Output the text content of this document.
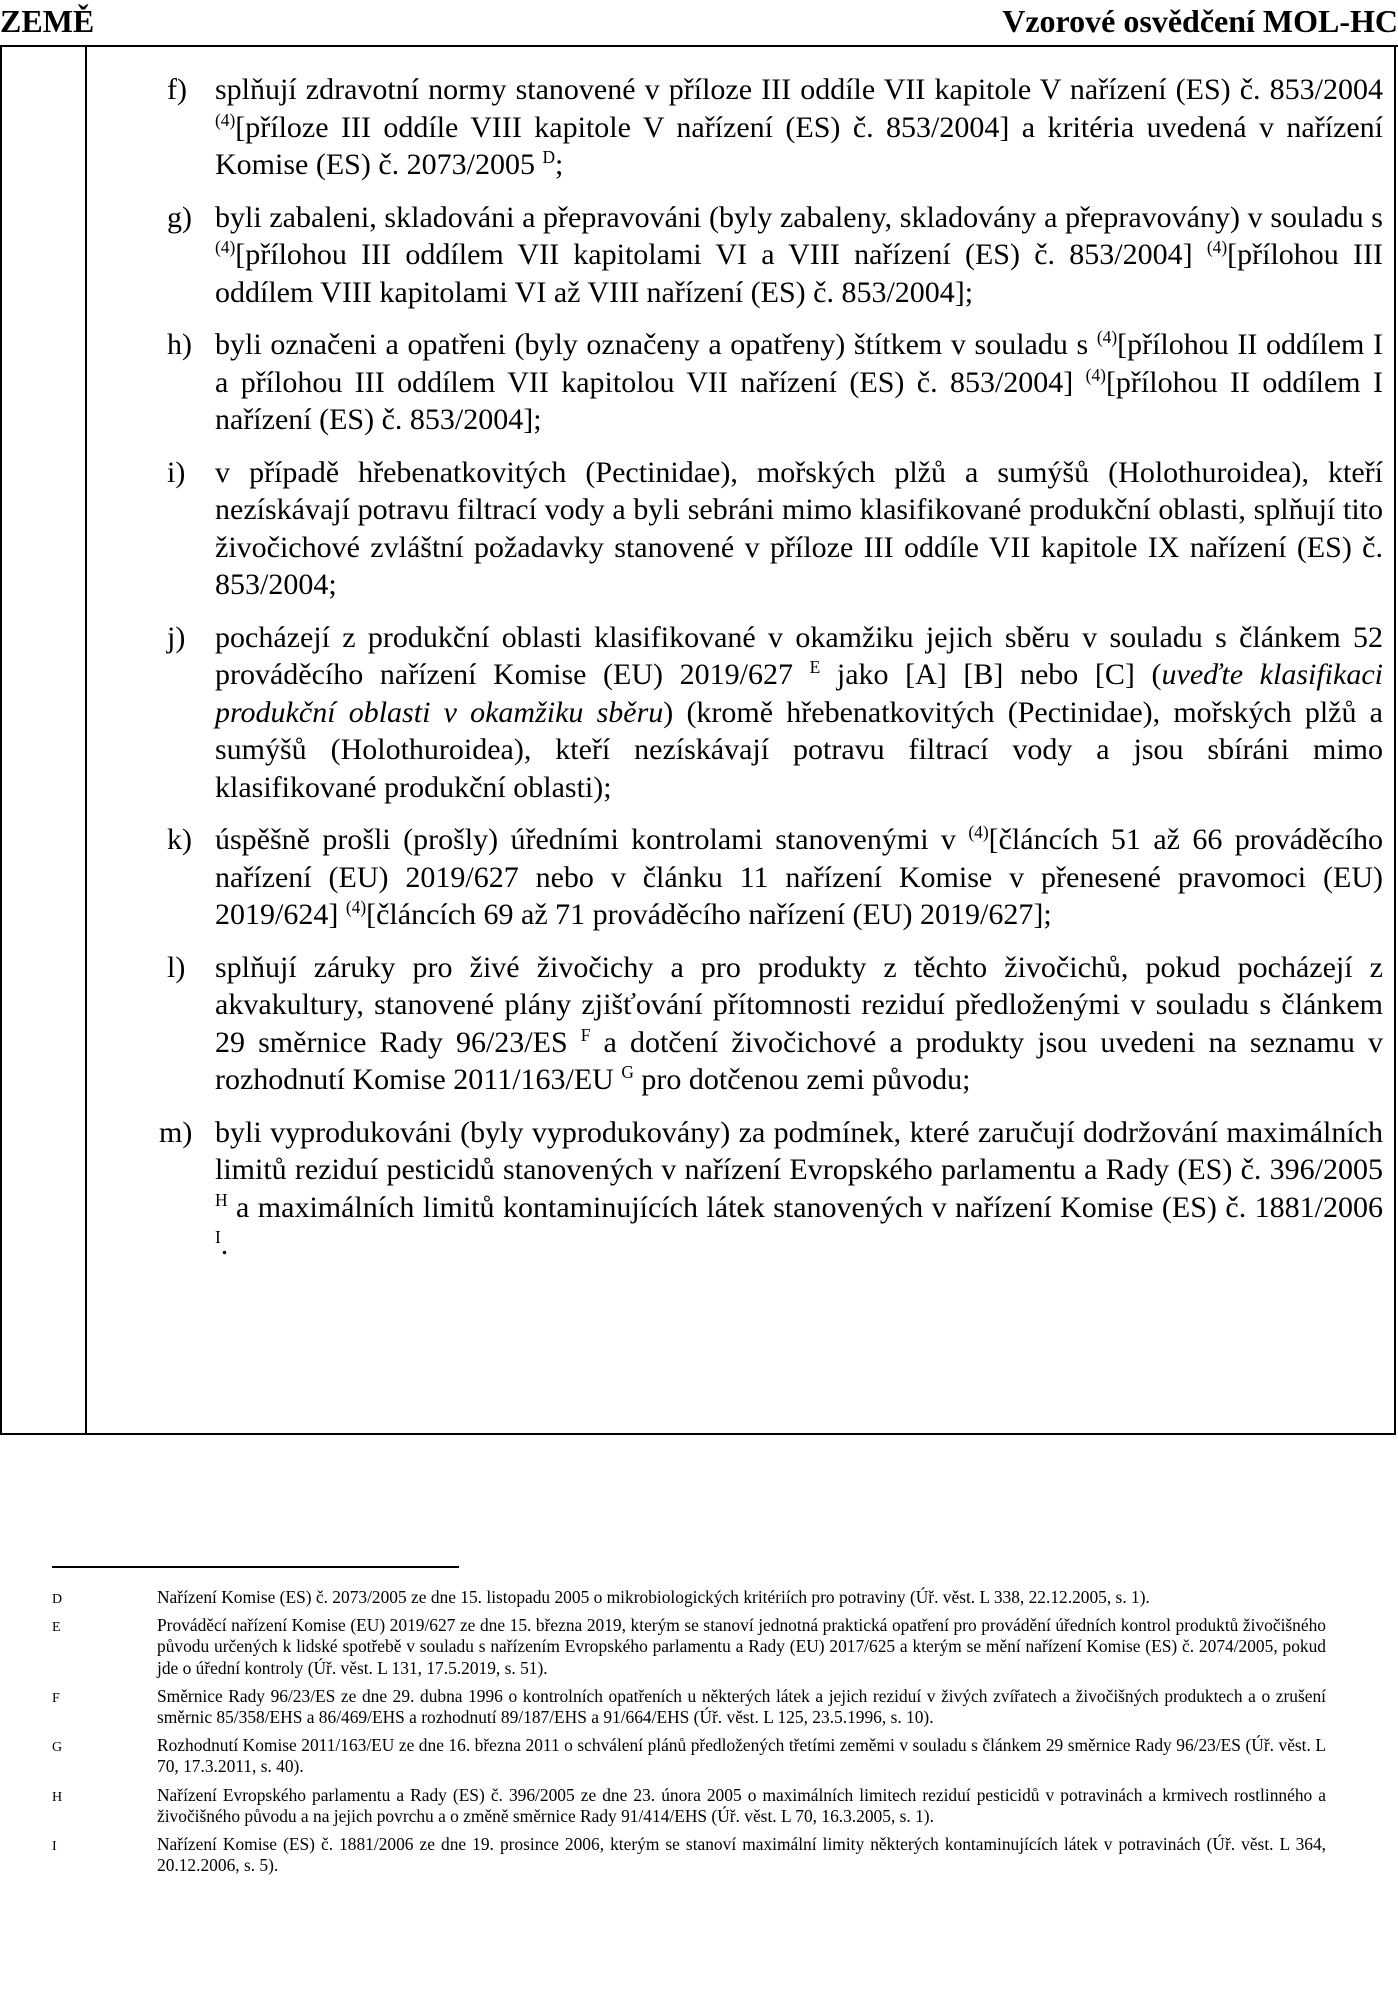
ZEMĚ	Vzorové osvědčení MOL-HC
f) splňují zdravotní normy stanovené v příloze III oddíle VII kapitole V nařízení (ES) č. 853/2004 $^{(4)}$[příloze III oddíle VIII kapitole V nařízení (ES) č. 853/2004] a kritéria uvedená v nařízení Komise (ES) č. 2073/2005 $^D$;
g) byli zabaleni, skladováni a přepravováni (byly zabaleny, skladovány a přepravovány) v souladu s $^{(4)}$[přílohou III oddílem VII kapitolami VI a VIII nařízení (ES) č. 853/2004] $^{(4)}$[přílohou III oddílem VIII kapitolami VI až VIII nařízení (ES) č. 853/2004];
h) byli označeni a opatřeni (byly označeny a opatřeny) štítkem v souladu s $^{(4)}$[přílohou II oddílem I a přílohou III oddílem VII kapitolou VII nařízení (ES) č. 853/2004] $^{(4)}$[přílohou II oddílem I nařízení (ES) č. 853/2004];
i) v případě hřebenatkovitých (Pectinidae), mořských plžů a sumýšů (Holothuroidea), kteří nezískávají potravu filtrací vody a byli sebráni mimo klasifikované produkční oblasti, splňují tito živočichové zvláštní požadavky stanovené v příloze III oddíle VII kapitole IX nařízení (ES) č. 853/2004;
j) pocházejí z produkční oblasti klasifikované v okamžiku jejich sběru v souladu s článkem 52 prováděcího nařízení Komise (EU) 2019/627 $^E$ jako [A] [B] nebo [C] (uveďte klasifikaci produkční oblasti v okamžiku sběru) (kromě hřebenatkovitých (Pectinidae), mořských plžů a sumýšů (Holothuroidea), kteří nezískávají potravu filtrací vody a jsou sbíráni mimo klasifikované produkční oblasti);
k) úspěšně prošli (prošly) úředními kontrolami stanovenými v $^{(4)}$[článcích 51 až 66 prováděcího nařízení (EU) 2019/627 nebo v článku 11 nařízení Komise v přenesené pravomoci (EU) 2019/624] $^{(4)}$[článcích 69 až 71 prováděcího nařízení (EU) 2019/627];
l) splňují záruky pro živé živočichy a pro produkty z těchto živočichů, pokud pocházejí z akvakultury, stanovené plány zjišťování přítomnosti reziduí předloženými v souladu s článkem 29 směrnice Rady 96/23/ES $^F$ a dotčení živočichové a produkty jsou uvedeni na seznamu v rozhodnutí Komise 2011/163/EU $^G$ pro dotčenou zemi původu;
m) byli vyprodukováni (byly vyprodukovány) za podmínek, které zaručují dodržování maximálních limitů reziduí pesticidů stanovených v nařízení Evropského parlamentu a Rady (ES) č. 396/2005 $^H$ a maximálních limitů kontaminujících látek stanovených v nařízení Komise (ES) č. 1881/2006 $^I$.
D	Nařízení Komise (ES) č. 2073/2005 ze dne 15. listopadu 2005 o mikrobiologických kritériích pro potraviny (Úř. věst. L 338, 22.12.2005, s. 1).
E	Prováděcí nařízení Komise (EU) 2019/627 ze dne 15. března 2019, kterým se stanoví jednotná praktická opatření pro provádění úředních kontrol produktů živočišného původu určených k lidské spotřebě v souladu s nařízením Evropského parlamentu a Rady (EU) 2017/625 a kterým se mění nařízení Komise (ES) č. 2074/2005, pokud jde o úřední kontroly (Úř. věst. L 131, 17.5.2019, s. 51).
F	Směrnice Rady 96/23/ES ze dne 29. dubna 1996 o kontrolních opatřeních u některých látek a jejich reziduí v živých zvířatech a živočišných produktech a o zrušení směrnic 85/358/EHS a 86/469/EHS a rozhodnutí 89/187/EHS a 91/664/EHS (Úř. věst. L 125, 23.5.1996, s. 10).
G	Rozhodnutí Komise 2011/163/EU ze dne 16. března 2011 o schválení plánů předložených třetími zeměmi v souladu s článkem 29 směrnice Rady 96/23/ES (Úř. věst. L 70, 17.3.2011, s. 40).
H	Nařízení Evropského parlamentu a Rady (ES) č. 396/2005 ze dne 23. února 2005 o maximálních limitech reziduí pesticidů v potravinách a krmivech rostlinného a živočišného původu a na jejich povrchu a o změně směrnice Rady 91/414/EHS (Úř. věst. L 70, 16.3.2005, s. 1).
I	Nařízení Komise (ES) č. 1881/2006 ze dne 19. prosince 2006, kterým se stanoví maximální limity některých kontaminujících látek v potravinách (Úř. věst. L 364, 20.12.2006, s. 5).
